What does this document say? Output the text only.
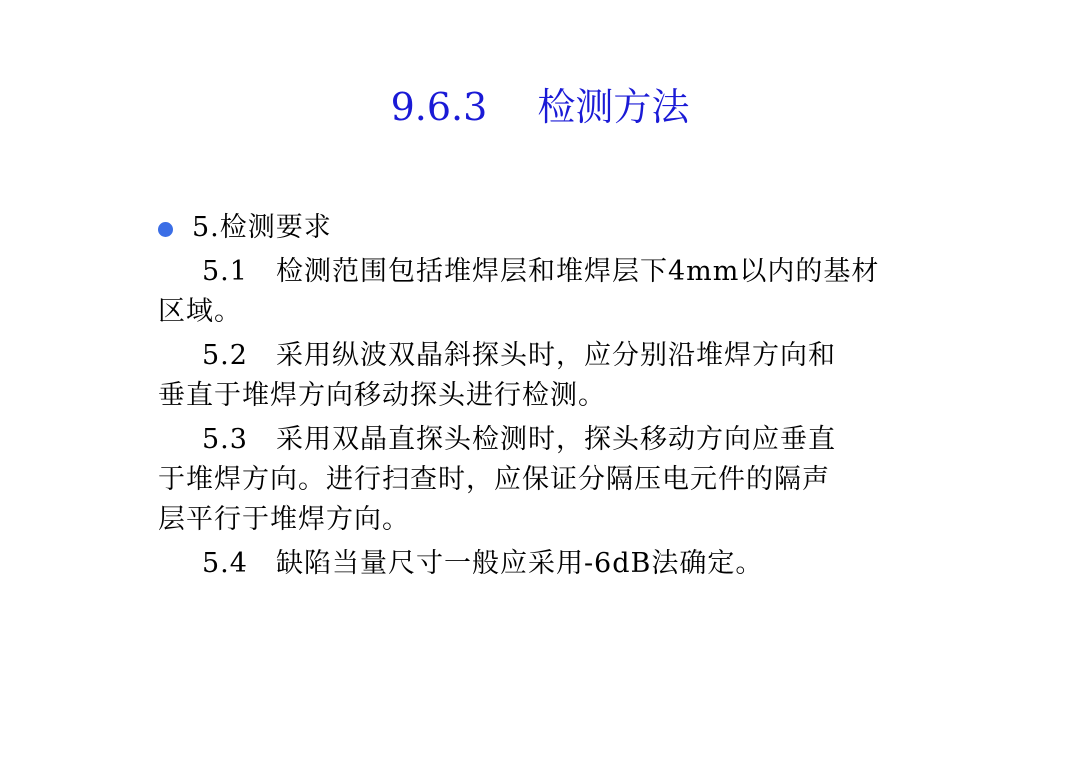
9.6.3　 检测方法
5.检测要求
5.1　检测范围包括堆焊层和堆焊层下4mm以内的基材
区域。
5.2　采用纵波双晶斜探头时，应分别沿堆焊方向和
垂直于堆焊方向移动探头进行检测。
5.3　采用双晶直探头检测时，探头移动方向应垂直
于堆焊方向。进行扫查时，应保证分隔压电元件的隔声
层平行于堆焊方向。
5.4　缺陷当量尺寸一般应采用-6dB法确定。
